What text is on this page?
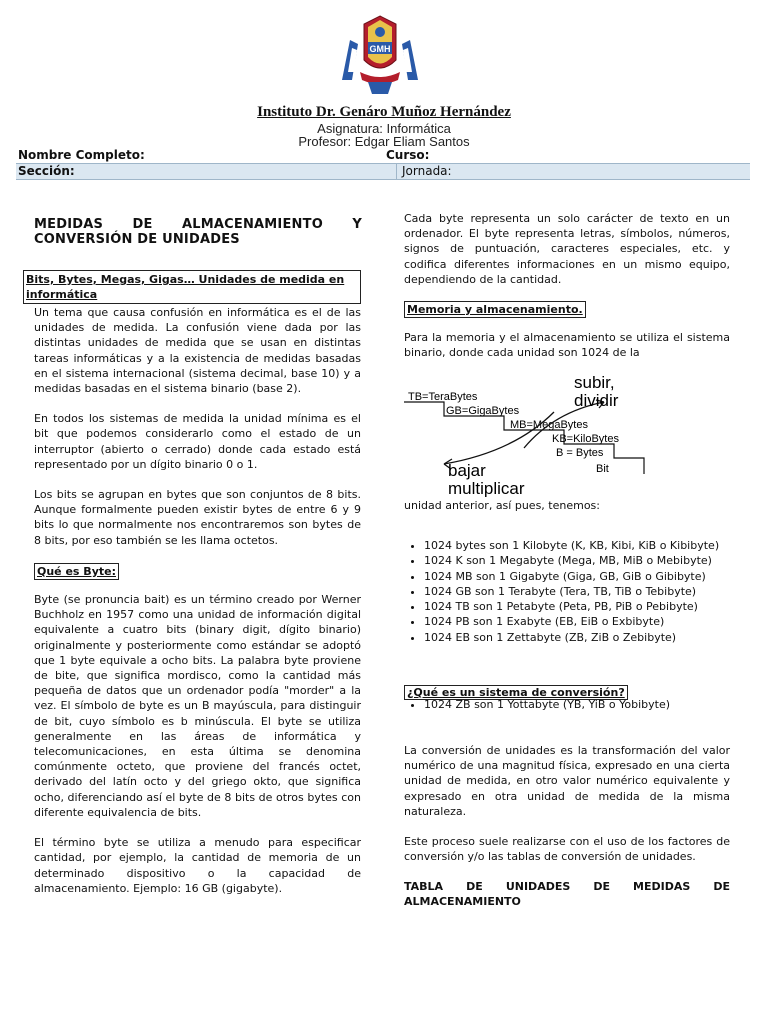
GMH
Instituto Dr. Genáro Muñoz Hernández
Asignatura: Informática
Profesor: Edgar Eliam Santos
Nombre Completo:	Curso:
Sección:	Jornada:
MEDIDAS DE ALMACENAMIENTO Y CONVERSIÓN DE UNIDADES
Bits, Bytes, Megas, Gigas… Unidades de medida en informática

Un tema que causa confusión en informática es el de las unidades de medida. La confusión viene dada por las distintas unidades de medida que se usan en distintas tareas informáticas y a la existencia de medidas basadas en el sistema internacional (sistema decimal, base 10) y a medidas basadas en el sistema binario (base 2).

En todos los sistemas de medida la unidad mínima es el bit que podemos considerarlo como el estado de un interruptor (abierto o cerrado) donde cada estado está representado por un dígito binario 0 o 1.

Los bits se agrupan en bytes que son conjuntos de 8 bits. Aunque formalmente pueden existir bytes de entre 6 y 9 bits lo que normalmente nos encontraremos son bytes de 8 bits, por eso también se les llama octetos.

Qué es Byte:

Byte (se pronuncia bait) es un término creado por Werner Buchholz en 1957 como una unidad de información digital equivalente a cuatro bits (binary digit, dígito binario) originalmente y posteriormente como estándar se adoptó que 1 byte equivale a ocho bits. La palabra byte proviene de bite, que significa mordisco, como la cantidad más pequeña de datos que un ordenador podía "morder" a la vez. El símbolo de byte es un B mayúscula, para distinguir de bit, cuyo símbolo es b minúscula. El byte se utiliza generalmente en las áreas de informática y telecomunicaciones, en esta última se denomina comúnmente octeto, que proviene del francés octet, derivado del latín octo y del griego okto, que significa ocho, diferenciando así el byte de 8 bits de otros bytes con diferente equivalencia de bits.

El término byte se utiliza a menudo para especificar cantidad, por ejemplo, la cantidad de memoria de un determinado dispositivo o la capacidad de almacenamiento. Ejemplo: 16 GB (gigabyte).

Cada byte representa un solo carácter de texto en un ordenador. El byte representa letras, símbolos, números, signos de puntuación, caracteres especiales, etc. y codifica diferentes informaciones en un mismo equipo, dependiendo de la cantidad.

Memoria y almacenamiento.

Para la memoria y el almacenamiento se utiliza el sistema binario, donde cada unidad son 1024 de la

TB=TeraBytes
GB=GigaBytes
MB=MegaBytes
KB=KiloBytes
B = Bytes
Bit
subir,
dividir
bajar
multiplicar
unidad anterior, así pues, tenemos:
• 1024 bytes son 1 Kilobyte (K, KB, Kibi, KiB o Kibibyte)
• 1024 K son 1 Megabyte (Mega, MB, MiB o Mebibyte)
• 1024 MB son 1 Gigabyte (Giga, GB, GiB o Gibibyte)
• 1024 GB son 1 Terabyte (Tera, TB, TiB o Tebibyte)
• 1024 TB son 1 Petabyte (Peta, PB, PiB o Pebibyte)
• 1024 PB son 1 Exabyte (EB, EiB o Exbibyte)
• 1024 EB son 1 Zettabyte (ZB, ZiB o Zebibyte)
¿Qué es un sistema de conversión?
• 1024 ZB son 1 Yottabyte (YB, YiB o Yobibyte)

La conversión de unidades es la transformación del valor numérico de una magnitud física, expresado en una cierta unidad de medida, en otro valor numérico equivalente y expresado en otra unidad de medida de la misma naturaleza.

Este proceso suele realizarse con el uso de los factores de conversión y/o las tablas de conversión de unidades.

TABLA DE UNIDADES DE MEDIDAS DE ALMACENAMIENTO
